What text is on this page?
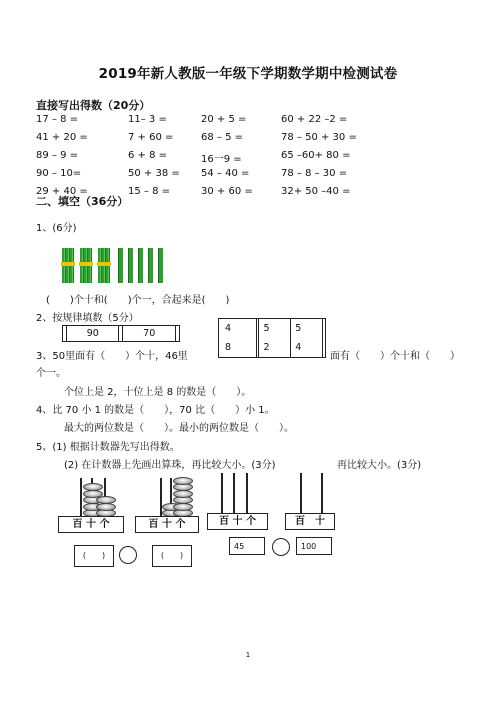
2019年新人教版一年级下学期数学期中检测试卷
直接写出得数（20分）
17 – 8 =	11– 3 =	20 + 5 =	60 + 22 –2 =
41 + 20 =	7 + 60 =	68 – 5 =	78 – 50 + 30 =
89 – 9 =	6 + 8 =	16一9 =	65 –60+ 80 =
90 – 10=	50 + 38 = 54 – 40 =	78 – 8 – 30 =
29 + 40 =	15 – 8 =	30 + 60 =	32+ 50 –40 =
二、填空（36分）
1、(6分)
(　　)个十和(　　)个一，合起来是(　　)
2、按规律填数（5分）
	90		70		4		5	5	
8		2	4	
3、50里面有（　　）个十，46里	面有（　　）个十和（　　）
个一。
个位上是 2，十位上是 8 的数是（　　）。
4、比 70 小 1 的数是（　　），70 比（　　）小 1。
最大的两位数是（　　）。最小的两位数是（　　）。
5、(1) 根据计数器先写出得数。
(2) 在计数器上先画出算珠，再比较大小。(3分)	再比较大小。(3分)
百 十 个	百 十 个	百 十 个	百　十
(　　)	(　　)
45	100
1
